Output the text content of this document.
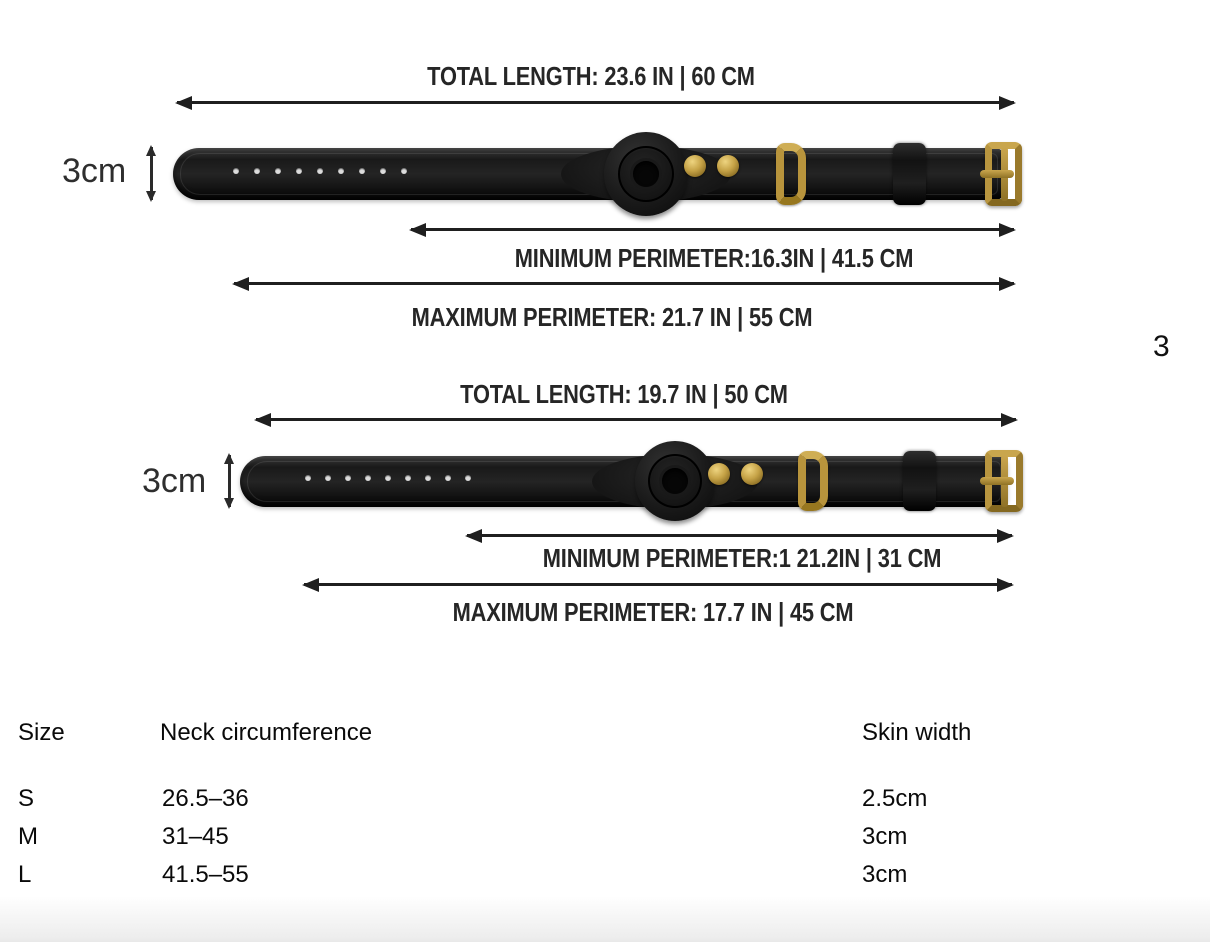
TOTAL LENGTH: 23.6 IN | 60 CM
3cm
MINIMUM PERIMETER:16.3IN | 41.5 CM
MAXIMUM PERIMETER: 21.7 IN | 55 CM
3
TOTAL LENGTH: 19.7 IN | 50 CM
3cm
MINIMUM PERIMETER:1 21.2IN | 31 CM
MAXIMUM PERIMETER: 17.7 IN | 45 CM
Size	Neck circumference	Skin width
S	26.5–36	2.5cm
M	31–45	3cm
L	41.5–55	3cm
